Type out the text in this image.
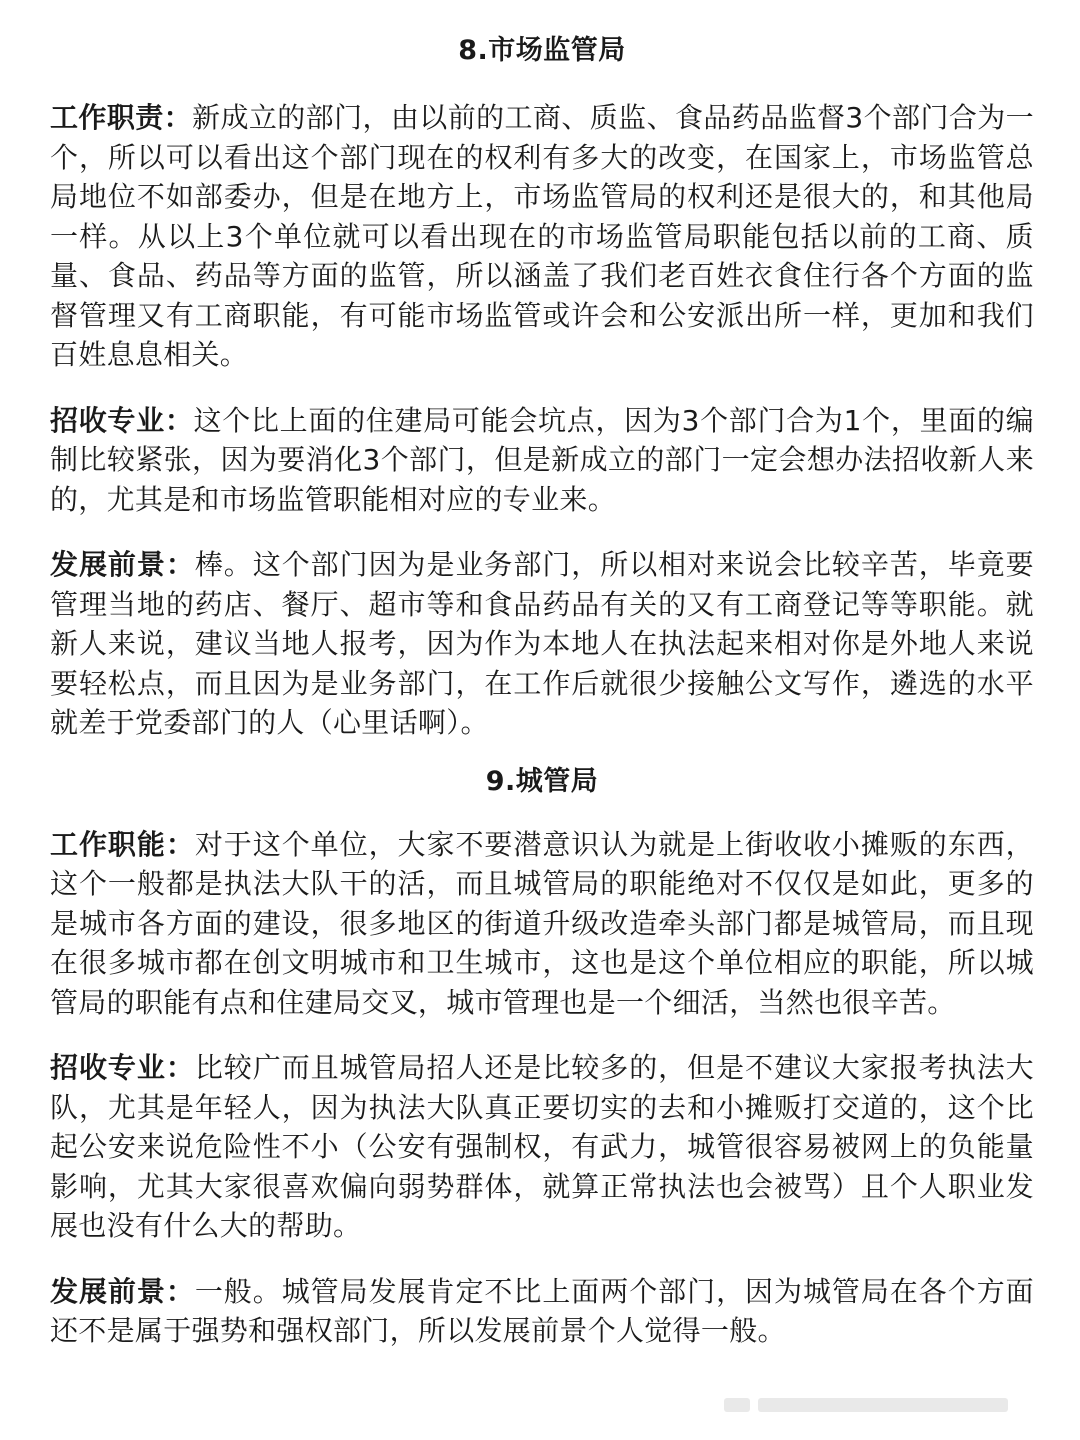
8.市场监管局

工作职责：新成立的部门，由以前的工商、质监、食品药品监督3个部门合为一个，所以可以看出这个部门现在的权利有多大的改变，在国家上，市场监管总局地位不如部委办，但是在地方上，市场监管局的权利还是很大的，和其他局一样。从以上3个单位就可以看出现在的市场监管局职能包括以前的工商、质量、食品、药品等方面的监管，所以涵盖了我们老百姓衣食住行各个方面的监督管理又有工商职能，有可能市场监管或许会和公安派出所一样，更加和我们百姓息息相关。

招收专业：这个比上面的住建局可能会坑点，因为3个部门合为1个，里面的编制比较紧张，因为要消化3个部门，但是新成立的部门一定会想办法招收新人来的，尤其是和市场监管职能相对应的专业来。

发展前景：棒。这个部门因为是业务部门，所以相对来说会比较辛苦，毕竟要管理当地的药店、餐厅、超市等和食品药品有关的又有工商登记等等职能。就新人来说，建议当地人报考，因为作为本地人在执法起来相对你是外地人来说要轻松点，而且因为是业务部门，在工作后就很少接触公文写作，遴选的水平就差于党委部门的人（心里话啊）。

9.城管局

工作职能：对于这个单位，大家不要潜意识认为就是上街收收小摊贩的东西，这个一般都是执法大队干的活，而且城管局的职能绝对不仅仅是如此，更多的是城市各方面的建设，很多地区的街道升级改造牵头部门都是城管局，而且现在很多城市都在创文明城市和卫生城市，这也是这个单位相应的职能，所以城管局的职能有点和住建局交叉，城市管理也是一个细活，当然也很辛苦。

招收专业：比较广而且城管局招人还是比较多的，但是不建议大家报考执法大队，尤其是年轻人，因为执法大队真正要切实的去和小摊贩打交道的，这个比起公安来说危险性不小（公安有强制权，有武力，城管很容易被网上的负能量影响，尤其大家很喜欢偏向弱势群体，就算正常执法也会被骂）且个人职业发展也没有什么大的帮助。

发展前景：一般。城管局发展肯定不比上面两个部门，因为城管局在各个方面还不是属于强势和强权部门，所以发展前景个人觉得一般。
